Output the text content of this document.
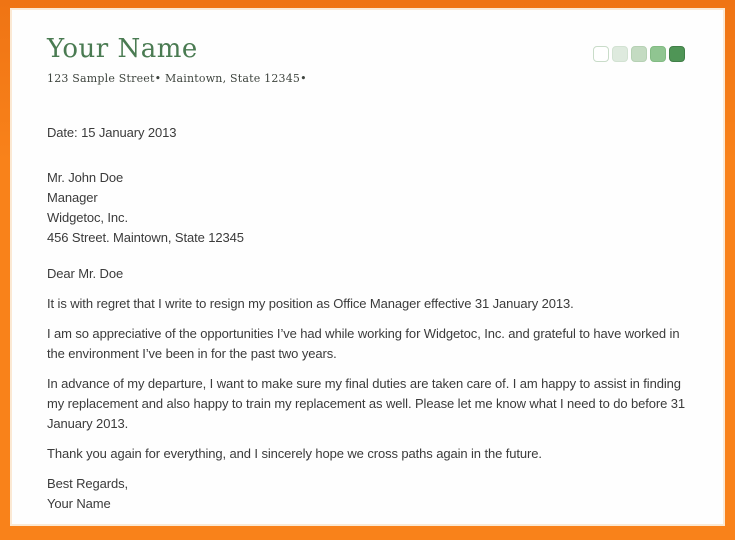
Your Name
123 Sample Street• Maintown, State 12345•

Date: 15 January 2013

Mr. John Doe

Manager

Widgetoc, Inc.

456 Street. Maintown, State 12345

Dear Mr. Doe

It is with regret that I write to resign my position as Office Manager effective 31 January 2013.

I am so appreciative of the opportunities I’ve had while working for Widgetoc, Inc. and grateful to have worked in the environment I’ve been in for the past two years.

In advance of my departure, I want to make sure my final duties are taken care of. I am happy to assist in finding my replacement and also happy to train my replacement as well. Please let me know what I need to do before 31 January 2013.

Thank you again for everything, and I sincerely hope we cross paths again in the future.

Best Regards,

Your Name
